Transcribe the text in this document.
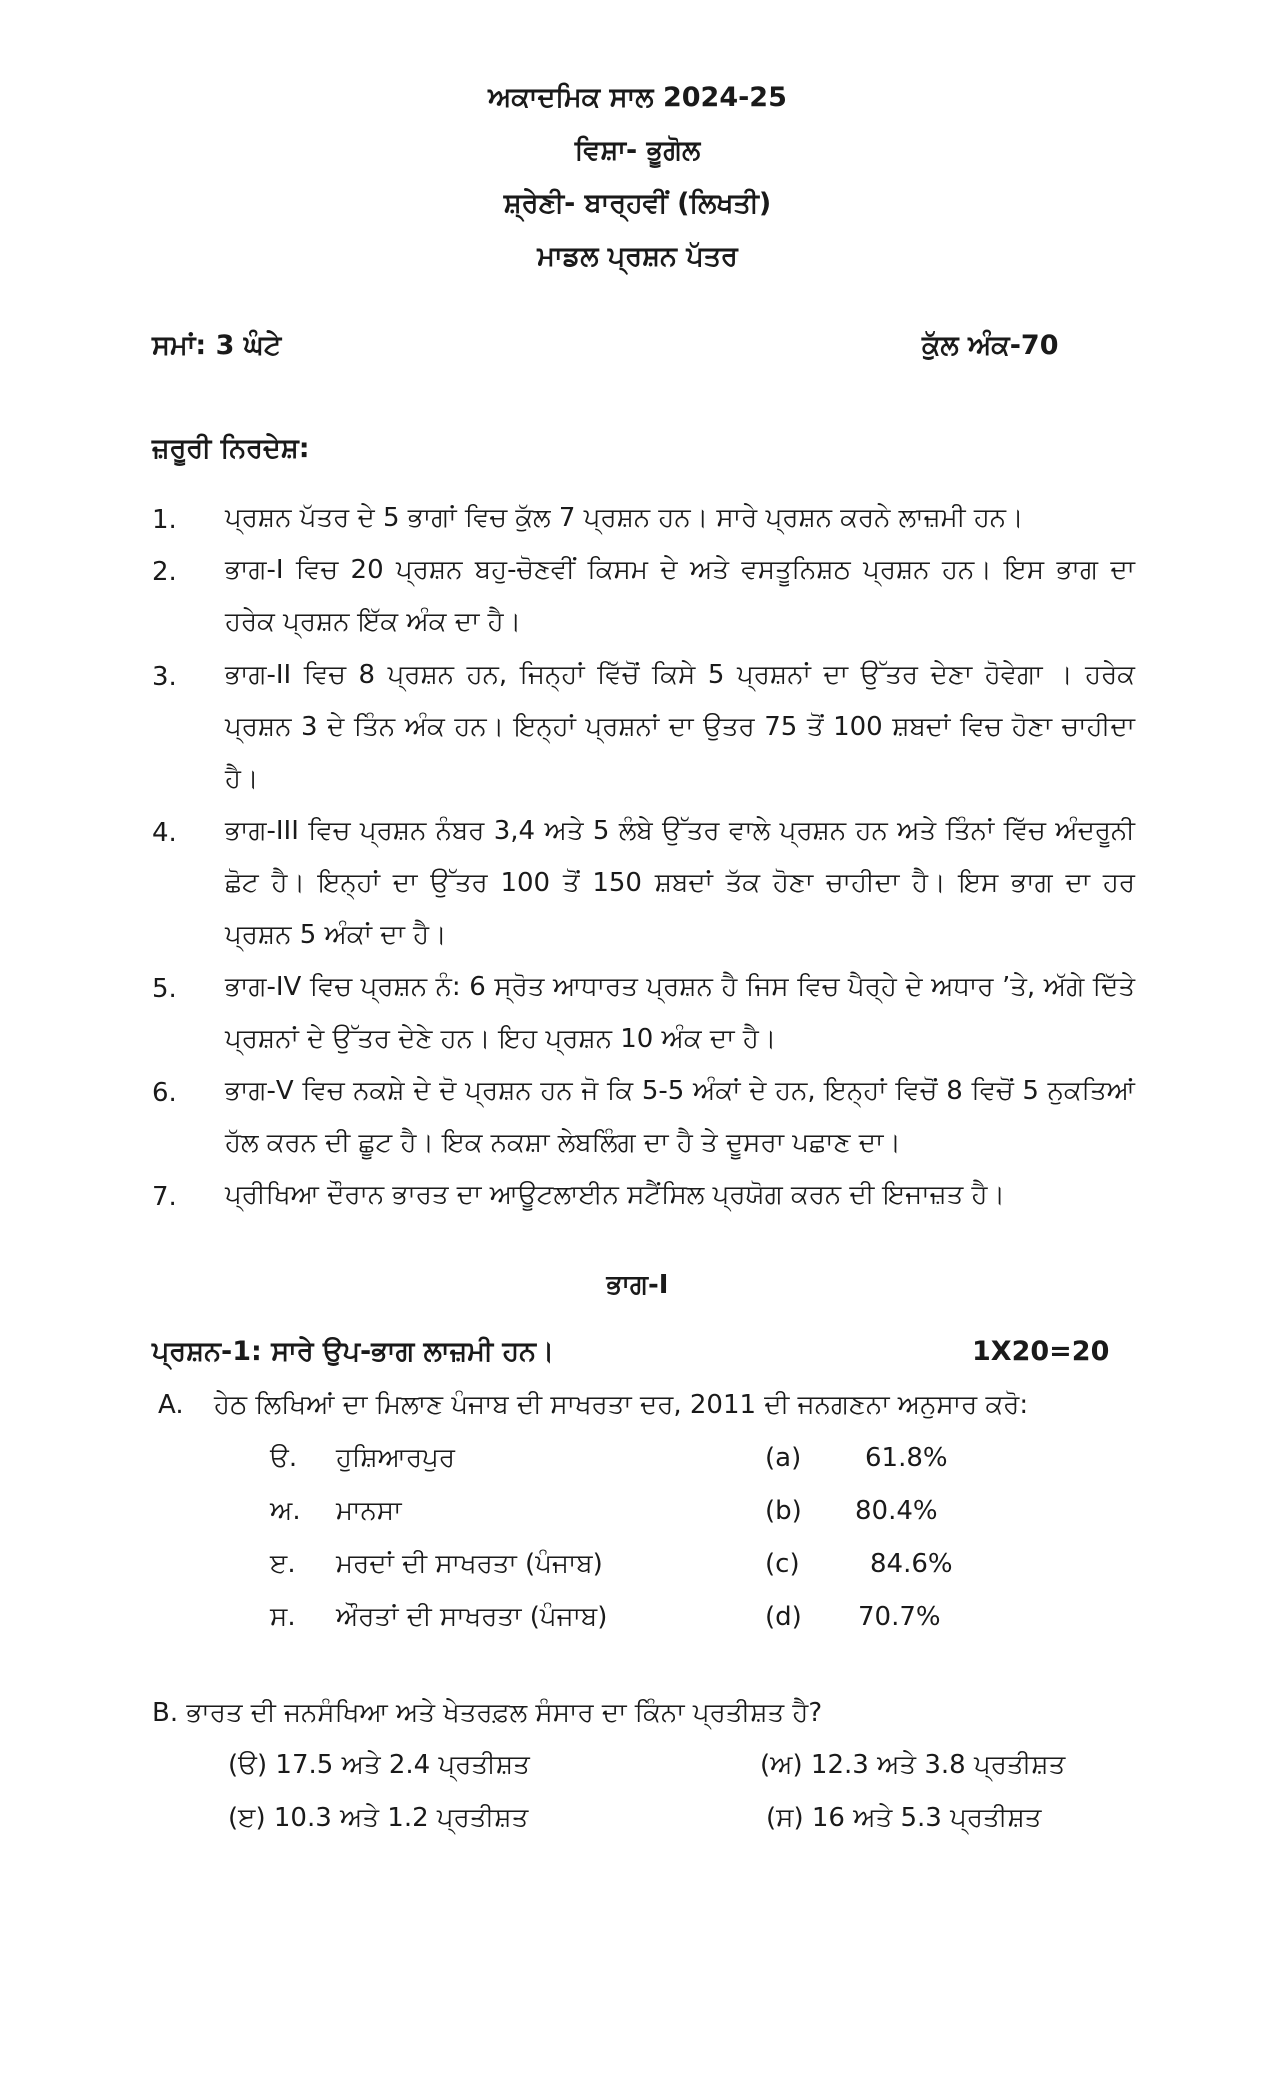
ਅਕਾਦਮਿਕ ਸਾਲ 2024-25
ਵਿਸ਼ਾ- ਭੂਗੋਲ
ਸ਼੍ਰੇਣੀ- ਬਾਰ੍ਹਵੀਂ (ਲਿਖਤੀ)
ਮਾਡਲ ਪ੍ਰਸ਼ਨ ਪੱਤਰ
ਸਮਾਂ: 3 ਘੰਟੇ	ਕੁੱਲ ਅੰਕ-70
ਜ਼ਰੂਰੀ ਨਿਰਦੇਸ਼:
1. ਪ੍ਰਸ਼ਨ ਪੱਤਰ ਦੇ 5 ਭਾਗਾਂ ਵਿਚ ਕੁੱਲ 7 ਪ੍ਰਸ਼ਨ ਹਨ। ਸਾਰੇ ਪ੍ਰਸ਼ਨ ਕਰਨੇ ਲਾਜ਼ਮੀ ਹਨ।
2. ਭਾਗ-I ਵਿਚ 20 ਪ੍ਰਸ਼ਨ ਬਹੁ-ਚੋਣਵੀਂ ਕਿਸਮ ਦੇ ਅਤੇ ਵਸਤੂਨਿਸ਼ਠ ਪ੍ਰਸ਼ਨ ਹਨ। ਇਸ ਭਾਗ ਦਾ ਹਰੇਕ ਪ੍ਰਸ਼ਨ ਇੱਕ ਅੰਕ ਦਾ ਹੈ।
3. ਭਾਗ-II ਵਿਚ 8 ਪ੍ਰਸ਼ਨ ਹਨ, ਜਿਨ੍ਹਾਂ ਵਿੱਚੋਂ ਕਿਸੇ 5 ਪ੍ਰਸ਼ਨਾਂ ਦਾ ਉੱਤਰ ਦੇਣਾ ਹੋਵੇਗਾ । ਹਰੇਕ ਪ੍ਰਸ਼ਨ 3 ਦੇ ਤਿੰਨ ਅੰਕ ਹਨ। ਇਨ੍ਹਾਂ ਪ੍ਰਸ਼ਨਾਂ ਦਾ ਉਤਰ 75 ਤੋਂ 100 ਸ਼ਬਦਾਂ ਵਿਚ ਹੋਣਾ ਚਾਹੀਦਾ ਹੈ।
4. ਭਾਗ-III ਵਿਚ ਪ੍ਰਸ਼ਨ ਨੰਬਰ 3,4 ਅਤੇ 5 ਲੰਬੇ ਉੱਤਰ ਵਾਲੇ ਪ੍ਰਸ਼ਨ ਹਨ ਅਤੇ ਤਿੰਨਾਂ ਵਿੱਚ ਅੰਦਰੂਨੀ ਛੋਟ ਹੈ। ਇਨ੍ਹਾਂ ਦਾ ਉੱਤਰ 100 ਤੋਂ 150 ਸ਼ਬਦਾਂ ਤੱਕ ਹੋਣਾ ਚਾਹੀਦਾ ਹੈ। ਇਸ ਭਾਗ ਦਾ ਹਰ ਪ੍ਰਸ਼ਨ 5 ਅੰਕਾਂ ਦਾ ਹੈ।
5. ਭਾਗ-IV ਵਿਚ ਪ੍ਰਸ਼ਨ ਨੰ: 6 ਸ੍ਰੋਤ ਆਧਾਰਤ ਪ੍ਰਸ਼ਨ ਹੈ ਜਿਸ ਵਿਚ ਪੈਰ੍ਹੇ ਦੇ ਅਧਾਰ ’ਤੇ, ਅੱਗੇ ਦਿੱਤੇ ਪ੍ਰਸ਼ਨਾਂ ਦੇ ਉੱਤਰ ਦੇਣੇ ਹਨ। ਇਹ ਪ੍ਰਸ਼ਨ 10 ਅੰਕ ਦਾ ਹੈ।
6. ਭਾਗ-V ਵਿਚ ਨਕਸ਼ੇ ਦੇ ਦੋ ਪ੍ਰਸ਼ਨ ਹਨ ਜੋ ਕਿ 5-5 ਅੰਕਾਂ ਦੇ ਹਨ, ਇਨ੍ਹਾਂ ਵਿਚੋਂ 8 ਵਿਚੋਂ 5 ਨੁਕਤਿਆਂ ਹੱਲ ਕਰਨ ਦੀ ਛੂਟ ਹੈ। ਇਕ ਨਕਸ਼ਾ ਲੇਬਲਿੰਗ ਦਾ ਹੈ ਤੇ ਦੂਸਰਾ ਪਛਾਣ ਦਾ।
7. ਪ੍ਰੀਖਿਆ ਦੌਰਾਨ ਭਾਰਤ ਦਾ ਆਊਟਲਾਈਨ ਸਟੈਂਸਿਲ ਪ੍ਰਯੋਗ ਕਰਨ ਦੀ ਇਜਾਜ਼ਤ ਹੈ।
ਭਾਗ-I
ਪ੍ਰਸ਼ਨ-1: ਸਾਰੇ ਉਪ-ਭਾਗ ਲਾਜ਼ਮੀ ਹਨ।	1X20=20
A. ਹੇਠ ਲਿਖਿਆਂ ਦਾ ਮਿਲਾਣ ਪੰਜਾਬ ਦੀ ਸਾਖਰਤਾ ਦਰ, 2011 ਦੀ ਜਨਗਣਨਾ ਅਨੁਸਾਰ ਕਰੋ:
ੳ. ਹੁਸ਼ਿਆਰਪੁਰ	(a) 61.8%
ਅ. ਮਾਨਸਾ	(b) 80.4%
ੲ. ਮਰਦਾਂ ਦੀ ਸਾਖਰਤਾ (ਪੰਜਾਬ)	(c)	84.6%
ਸ. ਔਰਤਾਂ ਦੀ ਸਾਖਰਤਾ (ਪੰਜਾਬ)	(d) 70.7%
B. ਭਾਰਤ ਦੀ ਜਨਸੰਖਿਆ ਅਤੇ ਖੇਤਰਫ਼ਲ ਸੰਸਾਰ ਦਾ ਕਿੰਨਾ ਪ੍ਰਤੀਸ਼ਤ ਹੈ?
(ੳ) 17.5 ਅਤੇ 2.4 ਪ੍ਰਤੀਸ਼ਤ	(ਅ) 12.3 ਅਤੇ 3.8 ਪ੍ਰਤੀਸ਼ਤ
(ੲ) 10.3 ਅਤੇ 1.2 ਪ੍ਰਤੀਸ਼ਤ	(ਸ) 16 ਅਤੇ 5.3 ਪ੍ਰਤੀਸ਼ਤ
